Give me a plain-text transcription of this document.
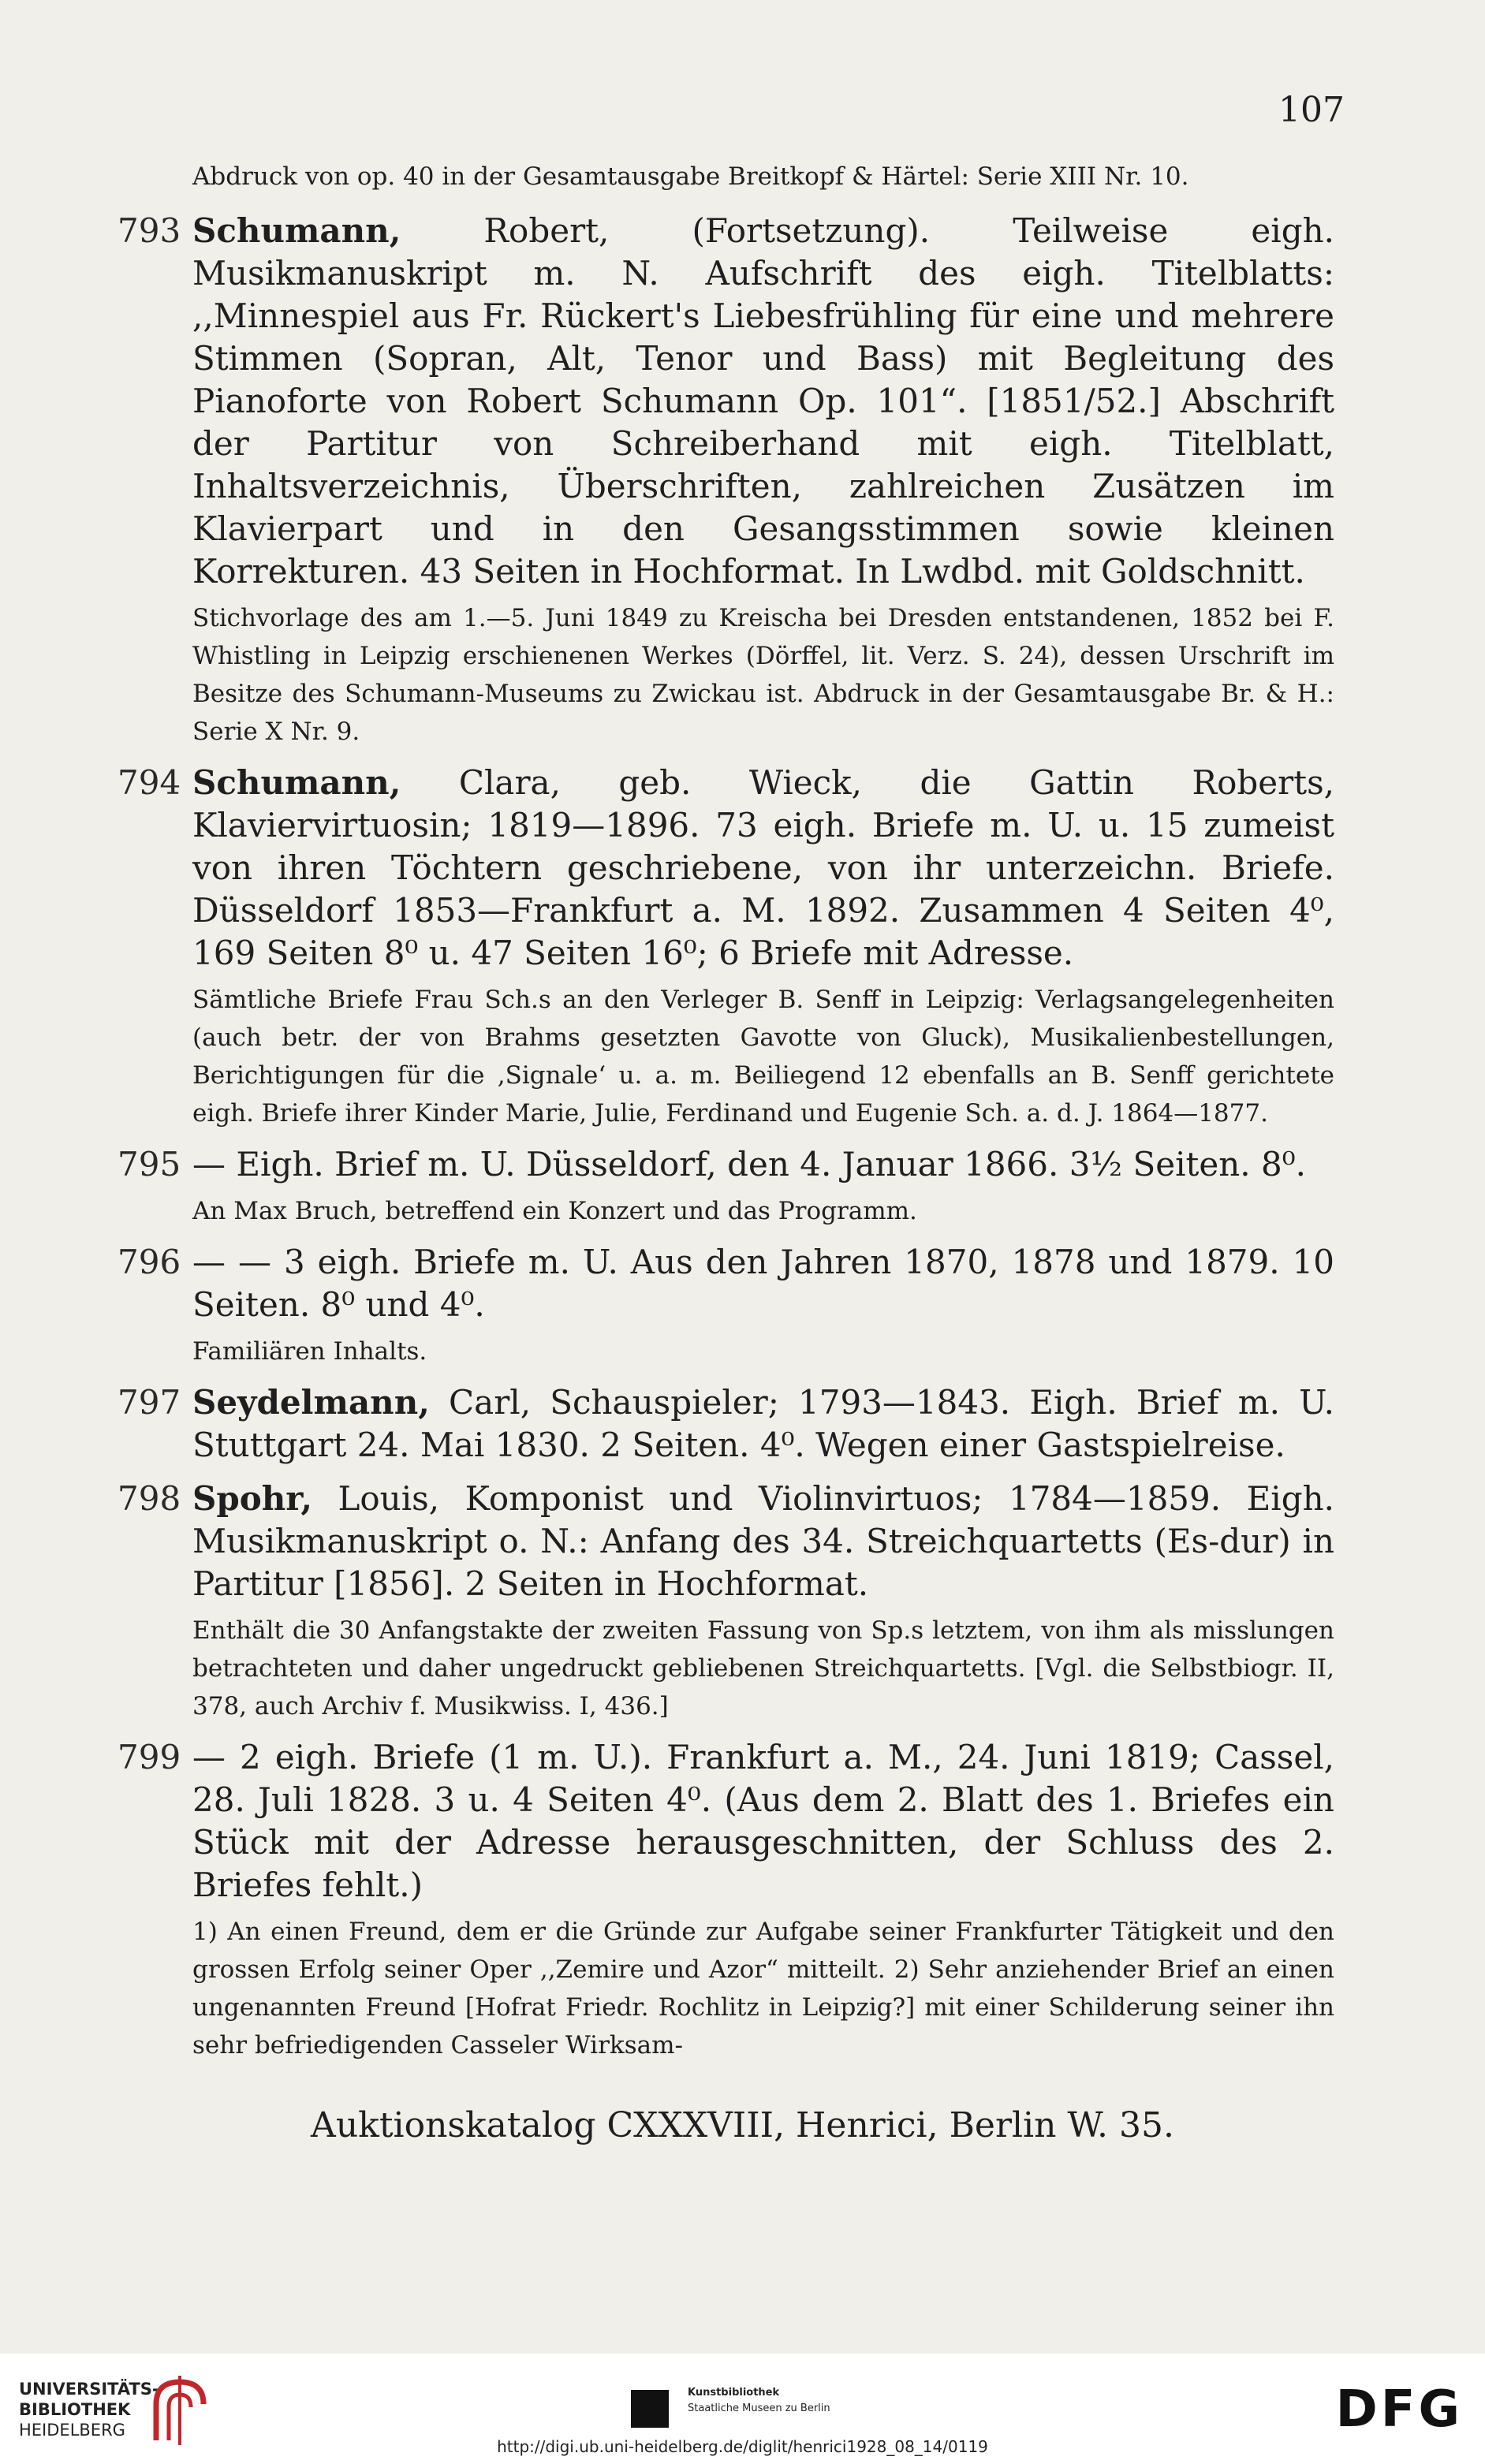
107
Abdruck von op. 40 in der Gesamtausgabe Breitkopf & Härtel: Serie XIII Nr. 10.
793 Schumann, Robert, (Fortsetzung). Teilweise eigh. Musikmanuskript m. N. Aufschrift des eigh. Titelblatts: ,,Minnespiel aus Fr. Rückert's Liebesfrühling für eine und mehrere Stimmen (Sopran, Alt, Tenor und Bass) mit Begleitung des Pianoforte von Robert Schumann Op. 101“. [1851/52.] Abschrift der Partitur von Schreiberhand mit eigh. Titelblatt, Inhaltsverzeichnis, Überschriften, zahlreichen Zusätzen im Klavierpart und in den Gesangsstimmen sowie kleinen Korrekturen. 43 Seiten in Hochformat. In Lwdbd. mit Goldschnitt.
Stichvorlage des am 1.—5. Juni 1849 zu Kreischa bei Dresden entstandenen, 1852 bei F. Whistling in Leipzig erschienenen Werkes (Dörffel, lit. Verz. S. 24), dessen Urschrift im Besitze des Schumann-Museums zu Zwickau ist. Abdruck in der Gesamtausgabe Br. & H.: Serie X Nr. 9.
794 Schumann, Clara, geb. Wieck, die Gattin Roberts, Klaviervirtuosin; 1819—1896. 73 eigh. Briefe m. U. u. 15 zumeist von ihren Töchtern geschriebene, von ihr unterzeichn. Briefe. Düsseldorf 1853—Frankfurt a. M. 1892. Zusammen 4 Seiten 4⁰, 169 Seiten 8⁰ u. 47 Seiten 16⁰; 6 Briefe mit Adresse.
Sämtliche Briefe Frau Sch.s an den Verleger B. Senff in Leipzig: Verlagsangelegenheiten (auch betr. der von Brahms gesetzten Gavotte von Gluck), Musikalienbestellungen, Berichtigungen für die ,Signale‘ u. a. m. Beiliegend 12 ebenfalls an B. Senff gerichtete eigh. Briefe ihrer Kinder Marie, Julie, Ferdinand und Eugenie Sch. a. d. J. 1864—1877.
795 — Eigh. Brief m. U. Düsseldorf, den 4. Januar 1866. 3½ Seiten. 8⁰.
An Max Bruch, betreffend ein Konzert und das Programm.
796 — — 3 eigh. Briefe m. U. Aus den Jahren 1870, 1878 und 1879. 10 Seiten. 8⁰ und 4⁰.
Familiären Inhalts.
797 Seydelmann, Carl, Schauspieler; 1793—1843. Eigh. Brief m. U. Stuttgart 24. Mai 1830. 2 Seiten. 4⁰. Wegen einer Gastspielreise.
798 Spohr, Louis, Komponist und Violinvirtuos; 1784—1859. Eigh. Musikmanuskript o. N.: Anfang des 34. Streichquartetts (Es-dur) in Partitur [1856]. 2 Seiten in Hochformat.
Enthält die 30 Anfangstakte der zweiten Fassung von Sp.s letztem, von ihm als misslungen betrachteten und daher ungedruckt gebliebenen Streichquartetts. [Vgl. die Selbstbiogr. II, 378, auch Archiv f. Musikwiss. I, 436.]
799 — 2 eigh. Briefe (1 m. U.). Frankfurt a. M., 24. Juni 1819; Cassel, 28. Juli 1828. 3 u. 4 Seiten 4⁰. (Aus dem 2. Blatt des 1. Briefes ein Stück mit der Adresse herausgeschnitten, der Schluss des 2. Briefes fehlt.)
1) An einen Freund, dem er die Gründe zur Aufgabe seiner Frankfurter Tätigkeit und den grossen Erfolg seiner Oper ,,Zemire und Azor“ mitteilt. 2) Sehr anziehender Brief an einen ungenannten Freund [Hofrat Friedr. Rochlitz in Leipzig?] mit einer Schilderung seiner ihn sehr befriedigenden Casseler Wirksam-
Auktionskatalog CXXXVIII, Henrici, Berlin W. 35.
UNIVERSITÄTS-
BIBLIOTHEK
HEIDELBERG
Kunstbibliothek
Staatliche Museen zu Berlin	DFG
http://digi.ub.uni-heidelberg.de/diglit/henrici1928_08_14/0119
